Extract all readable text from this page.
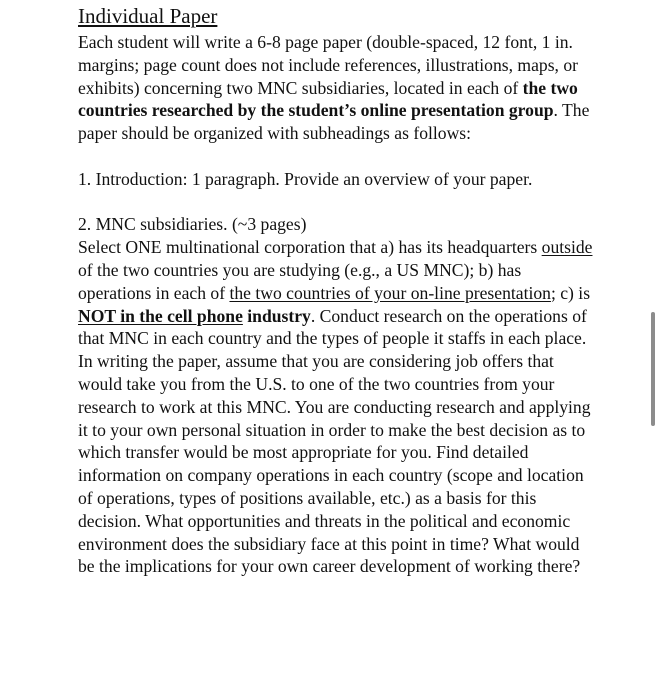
Individual Paper

Each student will write a 6-8 page paper (double-spaced, 12 font, 1 in. margins; page count does not include references, illustrations, maps, or exhibits) concerning two MNC subsidiaries, located in each of the two countries researched by the student’s online presentation group. The paper should be organized with subheadings as follows:

1. Introduction: 1 paragraph. Provide an overview of your paper.

2. MNC subsidiaries. (~3 pages)

Select ONE multinational corporation that a) has its headquarters outside of the two countries you are studying (e.g., a US MNC); b) has operations in each of the two countries of your on-line presentation; c) is NOT in the cell phone industry. Conduct research on the operations of that MNC in each country and the types of people it staffs in each place. In writing the paper, assume that you are considering job offers that would take you from the U.S. to one of the two countries from your research to work at this MNC. You are conducting research and applying it to your own personal situation in order to make the best decision as to which transfer would be most appropriate for you. Find detailed information on company operations in each country (scope and location of operations, types of positions available, etc.) as a basis for this decision. What opportunities and threats in the political and economic environment does the subsidiary face at this point in time? What would be the implications for your own career development of working there?
